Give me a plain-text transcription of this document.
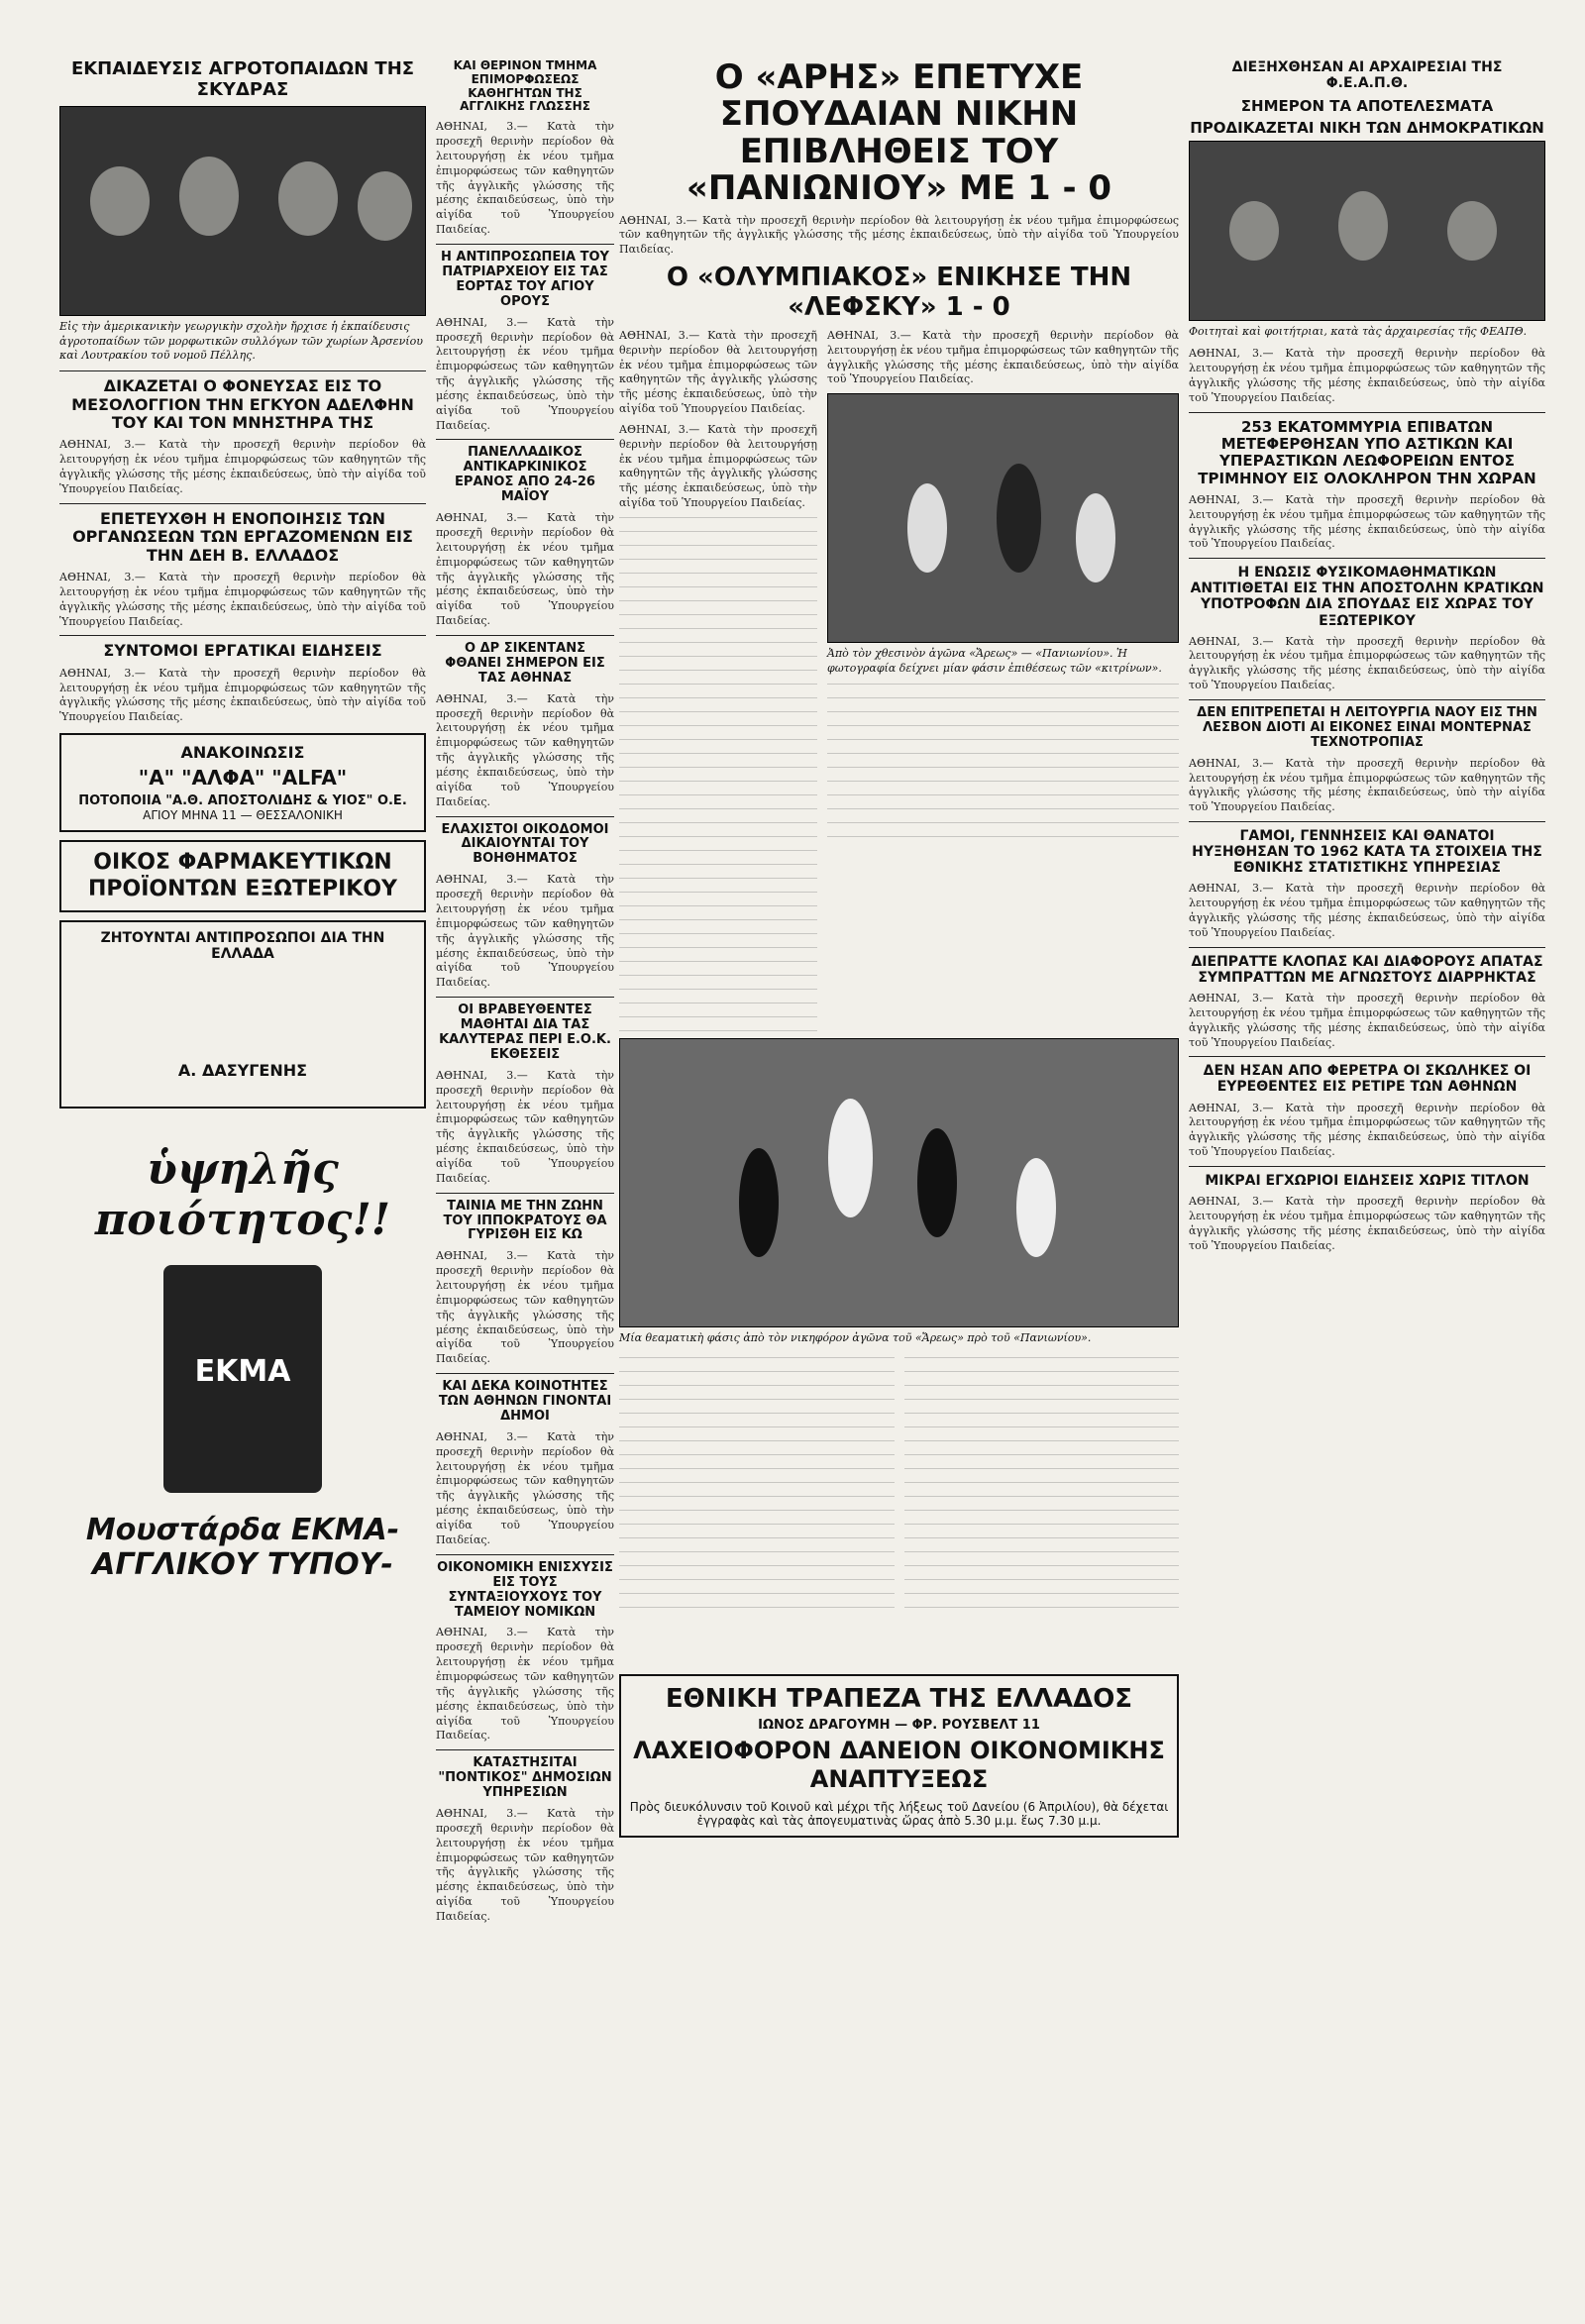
ΕΚΠΑΙΔΕΥΣΙΣ ΑΓΡΟΤΟΠΑΙΔΩΝ ΤΗΣ ΣΚΥΔΡΑΣ
Εἰς τὴν ἀμερικανικὴν γεωργικὴν σχολὴν ἤρχισε ἡ ἐκπαίδευσις ἀγροτοπαίδων τῶν μορφωτικῶν συλλόγων τῶν χωρίων Ἀρσενίου καὶ Λουτρακίου τοῦ νομοῦ Πέλλης.
ΔΙΚΑΖΕΤΑΙ Ο ΦΟΝΕΥΣΑΣ ΕΙΣ ΤΟ ΜΕΣΟΛΟΓΓΙΟΝ ΤΗΝ ΕΓΚΥΟΝ ΑΔΕΛΦΗΝ ΤΟΥ ΚΑΙ ΤΟΝ ΜΝΗΣΤΗΡΑ ΤΗΣ

ΑΘΗΝΑΙ, 3.— Κατὰ τὴν προσεχῆ θερινὴν περίοδον θὰ λειτουργήσῃ ἐκ νέου τμῆμα ἐπιμορφώσεως τῶν καθηγητῶν τῆς ἀγγλικῆς γλώσσης τῆς μέσης ἐκπαιδεύσεως, ὑπὸ τὴν αἰγίδα τοῦ Ὑπουργείου Παιδείας.

ΕΠΕΤΕΥΧΘΗ Η ΕΝΟΠΟΙΗΣΙΣ ΤΩΝ ΟΡΓΑΝΩΣΕΩΝ ΤΩΝ ΕΡΓΑΖΟΜΕΝΩΝ ΕΙΣ ΤΗΝ ΔΕΗ Β. ΕΛΛΑΔΟΣ

ΑΘΗΝΑΙ, 3.— Κατὰ τὴν προσεχῆ θερινὴν περίοδον θὰ λειτουργήσῃ ἐκ νέου τμῆμα ἐπιμορφώσεως τῶν καθηγητῶν τῆς ἀγγλικῆς γλώσσης τῆς μέσης ἐκπαιδεύσεως, ὑπὸ τὴν αἰγίδα τοῦ Ὑπουργείου Παιδείας.

ΣΥΝΤΟΜΟΙ ΕΡΓΑΤΙΚΑΙ ΕΙΔΗΣΕΙΣ

ΑΘΗΝΑΙ, 3.— Κατὰ τὴν προσεχῆ θερινὴν περίοδον θὰ λειτουργήσῃ ἐκ νέου τμῆμα ἐπιμορφώσεως τῶν καθηγητῶν τῆς ἀγγλικῆς γλώσσης τῆς μέσης ἐκπαιδεύσεως, ὑπὸ τὴν αἰγίδα τοῦ Ὑπουργείου Παιδείας.

ΑΝΑΚΟΙΝΩΣΙΣ
"Α" "ΑΛΦΑ" "ALFA"
ΠΟΤΟΠΟΙΙΑ "Α.Θ. ΑΠΟΣΤΟΛΙΔΗΣ & ΥΙΟΣ" Ο.Ε.
ΑΓΙΟΥ ΜΗΝΑ 11 — ΘΕΣΣΑΛΟΝΙΚΗ
ΟΙΚΟΣ ΦΑΡΜΑΚΕΥΤΙΚΩΝ ΠΡΟΪΟΝΤΩΝ ΕΞΩΤΕΡΙΚΟΥ
ΖΗΤΟΥΝΤΑΙ ΑΝΤΙΠΡΟΣΩΠΟΙ ΔΙΑ ΤΗΝ ΕΛΛΑΔΑ
Α. ΔΑΣΥΓΕΝΗΣ
ὑψηλῆς ποιότητος!!
ΕΚΜΑ
Μουστάρδα ΕΚΜΑ- ΑΓΓΛΙΚΟΥ ΤΥΠΟΥ-
ΚΑΙ ΘΕΡΙΝΟΝ ΤΜΗΜΑ ΕΠΙΜΟΡΦΩΣΕΩΣ ΚΑΘΗΓΗΤΩΝ ΤΗΣ ΑΓΓΛΙΚΗΣ ΓΛΩΣΣΗΣ

ΑΘΗΝΑΙ, 3.— Κατὰ τὴν προσεχῆ θερινὴν περίοδον θὰ λειτουργήσῃ ἐκ νέου τμῆμα ἐπιμορφώσεως τῶν καθηγητῶν τῆς ἀγγλικῆς γλώσσης τῆς μέσης ἐκπαιδεύσεως, ὑπὸ τὴν αἰγίδα τοῦ Ὑπουργείου Παιδείας.

Η ΑΝΤΙΠΡΟΣΩΠΕΙΑ ΤΟΥ ΠΑΤΡΙΑΡΧΕΙΟΥ ΕΙΣ ΤΑΣ ΕΟΡΤΑΣ ΤΟΥ ΑΓΙΟΥ ΟΡΟΥΣ

ΑΘΗΝΑΙ, 3.— Κατὰ τὴν προσεχῆ θερινὴν περίοδον θὰ λειτουργήσῃ ἐκ νέου τμῆμα ἐπιμορφώσεως τῶν καθηγητῶν τῆς ἀγγλικῆς γλώσσης τῆς μέσης ἐκπαιδεύσεως, ὑπὸ τὴν αἰγίδα τοῦ Ὑπουργείου Παιδείας.

ΠΑΝΕΛΛΑΔΙΚΟΣ ΑΝΤΙΚΑΡΚΙΝΙΚΟΣ ΕΡΑΝΟΣ ΑΠΟ 24-26 ΜΑΪΟΥ

ΑΘΗΝΑΙ, 3.— Κατὰ τὴν προσεχῆ θερινὴν περίοδον θὰ λειτουργήσῃ ἐκ νέου τμῆμα ἐπιμορφώσεως τῶν καθηγητῶν τῆς ἀγγλικῆς γλώσσης τῆς μέσης ἐκπαιδεύσεως, ὑπὸ τὴν αἰγίδα τοῦ Ὑπουργείου Παιδείας.

Ο ΔΡ ΣΙΚΕΝΤΑΝΣ ΦΘΑΝΕΙ ΣΗΜΕΡΟΝ ΕΙΣ ΤΑΣ ΑΘΗΝΑΣ

ΑΘΗΝΑΙ, 3.— Κατὰ τὴν προσεχῆ θερινὴν περίοδον θὰ λειτουργήσῃ ἐκ νέου τμῆμα ἐπιμορφώσεως τῶν καθηγητῶν τῆς ἀγγλικῆς γλώσσης τῆς μέσης ἐκπαιδεύσεως, ὑπὸ τὴν αἰγίδα τοῦ Ὑπουργείου Παιδείας.

ΕΛΑΧΙΣΤΟΙ ΟΙΚΟΔΟΜΟΙ ΔΙΚΑΙΟΥΝΤΑΙ ΤΟΥ ΒΟΗΘΗΜΑΤΟΣ

ΑΘΗΝΑΙ, 3.— Κατὰ τὴν προσεχῆ θερινὴν περίοδον θὰ λειτουργήσῃ ἐκ νέου τμῆμα ἐπιμορφώσεως τῶν καθηγητῶν τῆς ἀγγλικῆς γλώσσης τῆς μέσης ἐκπαιδεύσεως, ὑπὸ τὴν αἰγίδα τοῦ Ὑπουργείου Παιδείας.

ΟΙ ΒΡΑΒΕΥΘΕΝΤΕΣ ΜΑΘΗΤΑΙ ΔΙΑ ΤΑΣ ΚΑΛΥΤΕΡΑΣ ΠΕΡΙ Ε.Ο.Κ. ΕΚΘΕΣΕΙΣ

ΑΘΗΝΑΙ, 3.— Κατὰ τὴν προσεχῆ θερινὴν περίοδον θὰ λειτουργήσῃ ἐκ νέου τμῆμα ἐπιμορφώσεως τῶν καθηγητῶν τῆς ἀγγλικῆς γλώσσης τῆς μέσης ἐκπαιδεύσεως, ὑπὸ τὴν αἰγίδα τοῦ Ὑπουργείου Παιδείας.

ΤΑΙΝΙΑ ΜΕ ΤΗΝ ΖΩΗΝ ΤΟΥ ΙΠΠΟΚΡΑΤΟΥΣ ΘΑ ΓΥΡΙΣΘΗ ΕΙΣ ΚΩ

ΑΘΗΝΑΙ, 3.— Κατὰ τὴν προσεχῆ θερινὴν περίοδον θὰ λειτουργήσῃ ἐκ νέου τμῆμα ἐπιμορφώσεως τῶν καθηγητῶν τῆς ἀγγλικῆς γλώσσης τῆς μέσης ἐκπαιδεύσεως, ὑπὸ τὴν αἰγίδα τοῦ Ὑπουργείου Παιδείας.

ΚΑΙ ΔΕΚΑ ΚΟΙΝΟΤΗΤΕΣ ΤΩΝ ΑΘΗΝΩΝ ΓΙΝΟΝΤΑΙ ΔΗΜΟΙ

ΑΘΗΝΑΙ, 3.— Κατὰ τὴν προσεχῆ θερινὴν περίοδον θὰ λειτουργήσῃ ἐκ νέου τμῆμα ἐπιμορφώσεως τῶν καθηγητῶν τῆς ἀγγλικῆς γλώσσης τῆς μέσης ἐκπαιδεύσεως, ὑπὸ τὴν αἰγίδα τοῦ Ὑπουργείου Παιδείας.

ΟΙΚΟΝΟΜΙΚΗ ΕΝΙΣΧΥΣΙΣ ΕΙΣ ΤΟΥΣ ΣΥΝΤΑΞΙΟΥΧΟΥΣ ΤΟΥ ΤΑΜΕΙΟΥ ΝΟΜΙΚΩΝ

ΑΘΗΝΑΙ, 3.— Κατὰ τὴν προσεχῆ θερινὴν περίοδον θὰ λειτουργήσῃ ἐκ νέου τμῆμα ἐπιμορφώσεως τῶν καθηγητῶν τῆς ἀγγλικῆς γλώσσης τῆς μέσης ἐκπαιδεύσεως, ὑπὸ τὴν αἰγίδα τοῦ Ὑπουργείου Παιδείας.

ΚΑΤΑΣΤΗΣΙΤΑΙ "ΠΟΝΤΙΚΟΣ" ΔΗΜΟΣΙΩΝ ΥΠΗΡΕΣΙΩΝ

ΑΘΗΝΑΙ, 3.— Κατὰ τὴν προσεχῆ θερινὴν περίοδον θὰ λειτουργήσῃ ἐκ νέου τμῆμα ἐπιμορφώσεως τῶν καθηγητῶν τῆς ἀγγλικῆς γλώσσης τῆς μέσης ἐκπαιδεύσεως, ὑπὸ τὴν αἰγίδα τοῦ Ὑπουργείου Παιδείας.

Ο «ΑΡΗΣ» ΕΠΕΤΥΧΕ ΣΠΟΥΔΑΙΑΝ ΝΙΚΗΝ ΕΠΙΒΛΗΘΕΙΣ ΤΟΥ «ΠΑΝΙΩΝΙΟΥ» ΜΕ 1 - 0

ΑΘΗΝΑΙ, 3.— Κατὰ τὴν προσεχῆ θερινὴν περίοδον θὰ λειτουργήσῃ ἐκ νέου τμῆμα ἐπιμορφώσεως τῶν καθηγητῶν τῆς ἀγγλικῆς γλώσσης τῆς μέσης ἐκπαιδεύσεως, ὑπὸ τὴν αἰγίδα τοῦ Ὑπουργείου Παιδείας.

Ο «ΟΛΥΜΠΙΑΚΟΣ» ΕΝΙΚΗΣΕ ΤΗΝ «ΛΕΦΣΚΥ» 1 - 0

ΑΘΗΝΑΙ, 3.— Κατὰ τὴν προσεχῆ θερινὴν περίοδον θὰ λειτουργήσῃ ἐκ νέου τμῆμα ἐπιμορφώσεως τῶν καθηγητῶν τῆς ἀγγλικῆς γλώσσης τῆς μέσης ἐκπαιδεύσεως, ὑπὸ τὴν αἰγίδα τοῦ Ὑπουργείου Παιδείας.

ΑΘΗΝΑΙ, 3.— Κατὰ τὴν προσεχῆ θερινὴν περίοδον θὰ λειτουργήσῃ ἐκ νέου τμῆμα ἐπιμορφώσεως τῶν καθηγητῶν τῆς ἀγγλικῆς γλώσσης τῆς μέσης ἐκπαιδεύσεως, ὑπὸ τὴν αἰγίδα τοῦ Ὑπουργείου Παιδείας.

ΑΘΗΝΑΙ, 3.— Κατὰ τὴν προσεχῆ θερινὴν περίοδον θὰ λειτουργήσῃ ἐκ νέου τμῆμα ἐπιμορφώσεως τῶν καθηγητῶν τῆς ἀγγλικῆς γλώσσης τῆς μέσης ἐκπαιδεύσεως, ὑπὸ τὴν αἰγίδα τοῦ Ὑπουργείου Παιδείας.

Ἀπὸ τὸν χθεσινὸν ἀγῶνα «Ἄρεως» — «Πανιωνίου». Ἡ φωτογραφία δείχνει μίαν φάσιν ἐπιθέσεως τῶν «κιτρίνων».
Μία θεαματικὴ φάσις ἀπὸ τὸν νικηφόρον ἀγῶνα τοῦ «Ἄρεως» πρὸ τοῦ «Πανιωνίου».
ΕΘΝΙΚΗ ΤΡΑΠΕΖΑ ΤΗΣ ΕΛΛΑΔΟΣ
ΙΩΝΟΣ ΔΡΑΓΟΥΜΗ — ΦΡ. ΡΟΥΣΒΕΛΤ 11
ΛΑΧΕΙΟΦΟΡΟΝ ΔΑΝΕΙΟΝ ΟΙΚΟΝΟΜΙΚΗΣ ΑΝΑΠΤΥΞΕΩΣ
Πρὸς διευκόλυνσιν τοῦ Κοινοῦ καὶ μέχρι τῆς λήξεως τοῦ Δανείου (6 Ἀπριλίου), θὰ δέχεται ἐγγραφὰς καὶ τὰς ἀπογευματινὰς ὥρας ἀπὸ 5.30 μ.μ. ἕως 7.30 μ.μ.
ΔΙΕΞΗΧΘΗΣΑΝ ΑΙ ΑΡΧΑΙΡΕΣΙΑΙ ΤΗΣ Φ.Ε.Α.Π.Θ.
ΣΗΜΕΡΟΝ ΤΑ ΑΠΟΤΕΛΕΣΜΑΤΑ
ΠΡΟΔΙΚΑΖΕΤΑΙ ΝΙΚΗ ΤΩΝ ΔΗΜΟΚΡΑΤΙΚΩΝ
Φοιτηταὶ καὶ φοιτήτριαι, κατὰ τὰς ἀρχαιρεσίας τῆς ΦΕΑΠΘ.

ΑΘΗΝΑΙ, 3.— Κατὰ τὴν προσεχῆ θερινὴν περίοδον θὰ λειτουργήσῃ ἐκ νέου τμῆμα ἐπιμορφώσεως τῶν καθηγητῶν τῆς ἀγγλικῆς γλώσσης τῆς μέσης ἐκπαιδεύσεως, ὑπὸ τὴν αἰγίδα τοῦ Ὑπουργείου Παιδείας.

253 ΕΚΑΤΟΜΜΥΡΙΑ ΕΠΙΒΑΤΩΝ ΜΕΤΕΦΕΡΘΗΣΑΝ ΥΠΟ ΑΣΤΙΚΩΝ ΚΑΙ ΥΠΕΡΑΣΤΙΚΩΝ ΛΕΩΦΟΡΕΙΩΝ ΕΝΤΟΣ ΤΡΙΜΗΝΟΥ ΕΙΣ ΟΛΟΚΛΗΡΟΝ ΤΗΝ ΧΩΡΑΝ

ΑΘΗΝΑΙ, 3.— Κατὰ τὴν προσεχῆ θερινὴν περίοδον θὰ λειτουργήσῃ ἐκ νέου τμῆμα ἐπιμορφώσεως τῶν καθηγητῶν τῆς ἀγγλικῆς γλώσσης τῆς μέσης ἐκπαιδεύσεως, ὑπὸ τὴν αἰγίδα τοῦ Ὑπουργείου Παιδείας.

Η ΕΝΩΣΙΣ ΦΥΣΙΚΟΜΑΘΗΜΑΤΙΚΩΝ ΑΝΤΙΤΙΘΕΤΑΙ ΕΙΣ ΤΗΝ ΑΠΟΣΤΟΛΗΝ ΚΡΑΤΙΚΩΝ ΥΠΟΤΡΟΦΩΝ ΔΙΑ ΣΠΟΥΔΑΣ ΕΙΣ ΧΩΡΑΣ ΤΟΥ ΕΞΩΤΕΡΙΚΟΥ

ΑΘΗΝΑΙ, 3.— Κατὰ τὴν προσεχῆ θερινὴν περίοδον θὰ λειτουργήσῃ ἐκ νέου τμῆμα ἐπιμορφώσεως τῶν καθηγητῶν τῆς ἀγγλικῆς γλώσσης τῆς μέσης ἐκπαιδεύσεως, ὑπὸ τὴν αἰγίδα τοῦ Ὑπουργείου Παιδείας.

ΔΕΝ ΕΠΙΤΡΕΠΕΤΑΙ Η ΛΕΙΤΟΥΡΓΙΑ ΝΑΟΥ ΕΙΣ ΤΗΝ ΛΕΣΒΟΝ ΔΙΟΤΙ ΑΙ ΕΙΚΟΝΕΣ ΕΙΝΑΙ ΜΟΝΤΕΡΝΑΣ ΤΕΧΝΟΤΡΟΠΙΑΣ

ΑΘΗΝΑΙ, 3.— Κατὰ τὴν προσεχῆ θερινὴν περίοδον θὰ λειτουργήσῃ ἐκ νέου τμῆμα ἐπιμορφώσεως τῶν καθηγητῶν τῆς ἀγγλικῆς γλώσσης τῆς μέσης ἐκπαιδεύσεως, ὑπὸ τὴν αἰγίδα τοῦ Ὑπουργείου Παιδείας.

ΓΑΜΟΙ, ΓΕΝΝΗΣΕΙΣ ΚΑΙ ΘΑΝΑΤΟΙ ΗΥΞΗΘΗΣΑΝ ΤΟ 1962 ΚΑΤΑ ΤΑ ΣΤΟΙΧΕΙΑ ΤΗΣ ΕΘΝΙΚΗΣ ΣΤΑΤΙΣΤΙΚΗΣ ΥΠΗΡΕΣΙΑΣ

ΑΘΗΝΑΙ, 3.— Κατὰ τὴν προσεχῆ θερινὴν περίοδον θὰ λειτουργήσῃ ἐκ νέου τμῆμα ἐπιμορφώσεως τῶν καθηγητῶν τῆς ἀγγλικῆς γλώσσης τῆς μέσης ἐκπαιδεύσεως, ὑπὸ τὴν αἰγίδα τοῦ Ὑπουργείου Παιδείας.

ΔΙΕΠΡΑΤΤΕ ΚΛΟΠΑΣ ΚΑΙ ΔΙΑΦΟΡΟΥΣ ΑΠΑΤΑΣ ΣΥΜΠΡΑΤΤΩΝ ΜΕ ΑΓΝΩΣΤΟΥΣ ΔΙΑΡΡΗΚΤΑΣ

ΑΘΗΝΑΙ, 3.— Κατὰ τὴν προσεχῆ θερινὴν περίοδον θὰ λειτουργήσῃ ἐκ νέου τμῆμα ἐπιμορφώσεως τῶν καθηγητῶν τῆς ἀγγλικῆς γλώσσης τῆς μέσης ἐκπαιδεύσεως, ὑπὸ τὴν αἰγίδα τοῦ Ὑπουργείου Παιδείας.

ΔΕΝ ΗΣΑΝ ΑΠΟ ΦΕΡΕΤΡΑ ΟΙ ΣΚΩΛΗΚΕΣ ΟΙ ΕΥΡΕΘΕΝΤΕΣ ΕΙΣ ΡΕΤΙΡΕ ΤΩΝ ΑΘΗΝΩΝ

ΑΘΗΝΑΙ, 3.— Κατὰ τὴν προσεχῆ θερινὴν περίοδον θὰ λειτουργήσῃ ἐκ νέου τμῆμα ἐπιμορφώσεως τῶν καθηγητῶν τῆς ἀγγλικῆς γλώσσης τῆς μέσης ἐκπαιδεύσεως, ὑπὸ τὴν αἰγίδα τοῦ Ὑπουργείου Παιδείας.

ΜΙΚΡΑΙ ΕΓΧΩΡΙΟΙ ΕΙΔΗΣΕΙΣ ΧΩΡΙΣ ΤΙΤΛΟΝ

ΑΘΗΝΑΙ, 3.— Κατὰ τὴν προσεχῆ θερινὴν περίοδον θὰ λειτουργήσῃ ἐκ νέου τμῆμα ἐπιμορφώσεως τῶν καθηγητῶν τῆς ἀγγλικῆς γλώσσης τῆς μέσης ἐκπαιδεύσεως, ὑπὸ τὴν αἰγίδα τοῦ Ὑπουργείου Παιδείας.
